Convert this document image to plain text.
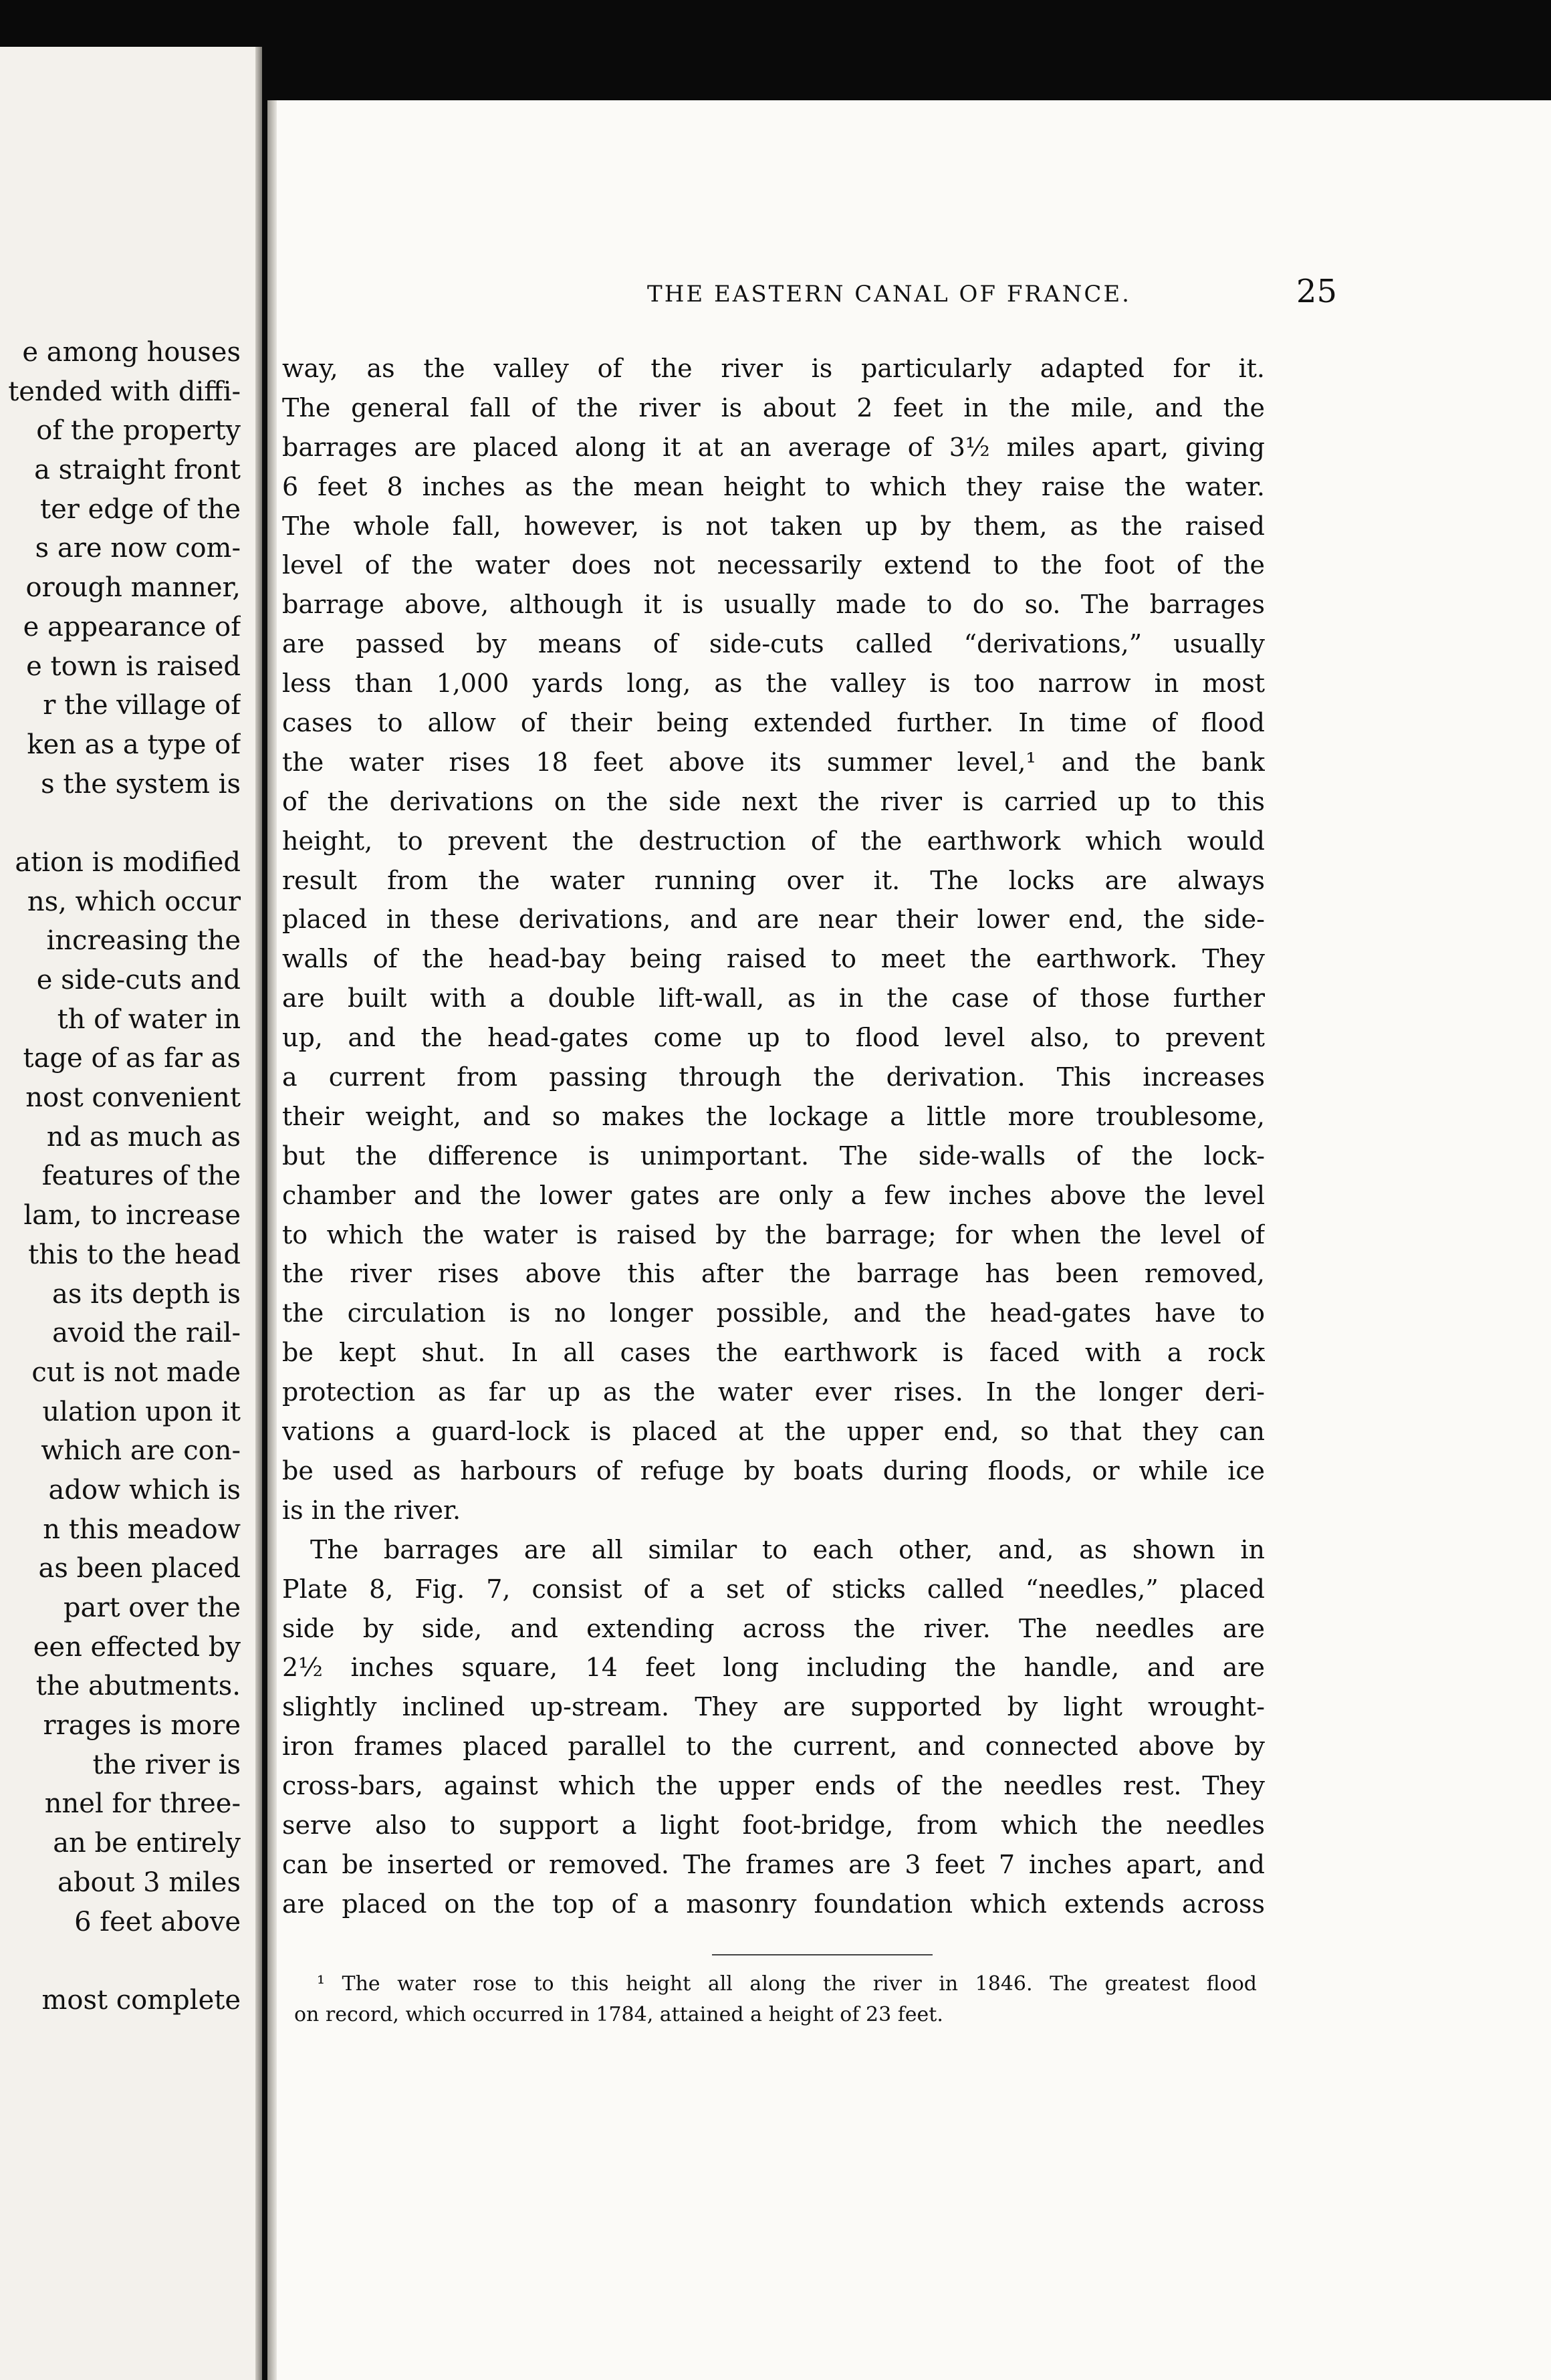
e among houses
tended with diffi-
of the property
a straight front
ter edge of the
s are now com-
orough manner,
e appearance of
e town is raised
r the village of
ken as a type of
s the system is
ation is modified
ns, which occur
increasing the
e side-cuts and
th of water in
tage of as far as
nost convenient
nd as much as
features of the
lam, to increase
this to the head
as its depth is
avoid the rail-
cut is not made
ulation upon it
which are con-
adow which is
n this meadow
as been placed
part over the
een effected by
the abutments.
rrages is more
the river is
nnel for three-
an be entirely
about 3 miles
6 feet above
most complete
THE EASTERN CANAL OF FRANCE.	25
way, as the valley of the river is particularly adapted for it.
The general fall of the river is about 2 feet in the mile, and the
barrages are placed along it at an average of 3½ miles apart, giving
6 feet 8 inches as the mean height to which they raise the water.
The whole fall, however, is not taken up by them, as the raised
level of the water does not necessarily extend to the foot of the
barrage above, although it is usually made to do so. The barrages
are passed by means of side-cuts called “derivations,” usually
less than 1,000 yards long, as the valley is too narrow in most
cases to allow of their being extended further. In time of flood
the water rises 18 feet above its summer level,¹ and the bank
of the derivations on the side next the river is carried up to this
height, to prevent the destruction of the earthwork which would
result from the water running over it. The locks are always
placed in these derivations, and are near their lower end, the side-
walls of the head-bay being raised to meet the earthwork. They
are built with a double lift-wall, as in the case of those further
up, and the head-gates come up to flood level also, to prevent
a current from passing through the derivation. This increases
their weight, and so makes the lockage a little more troublesome,
but the difference is unimportant. The side-walls of the lock-
chamber and the lower gates are only a few inches above the level
to which the water is raised by the barrage; for when the level of
the river rises above this after the barrage has been removed,
the circulation is no longer possible, and the head-gates have to
be kept shut. In all cases the earthwork is faced with a rock
protection as far up as the water ever rises. In the longer deri-
vations a guard-lock is placed at the upper end, so that they can
be used as harbours of refuge by boats during floods, or while ice
is in the river.
The barrages are all similar to each other, and, as shown in
Plate 8, Fig. 7, consist of a set of sticks called “needles,” placed
side by side, and extending across the river. The needles are
2½ inches square, 14 feet long including the handle, and are
slightly inclined up-stream. They are supported by light wrought-
iron frames placed parallel to the current, and connected above by
cross-bars, against which the upper ends of the needles rest. They
serve also to support a light foot-bridge, from which the needles
can be inserted or removed. The frames are 3 feet 7 inches apart, and
are placed on the top of a masonry foundation which extends across
¹ The water rose to this height all along the river in 1846. The greatest flood
on record, which occurred in 1784, attained a height of 23 feet.
